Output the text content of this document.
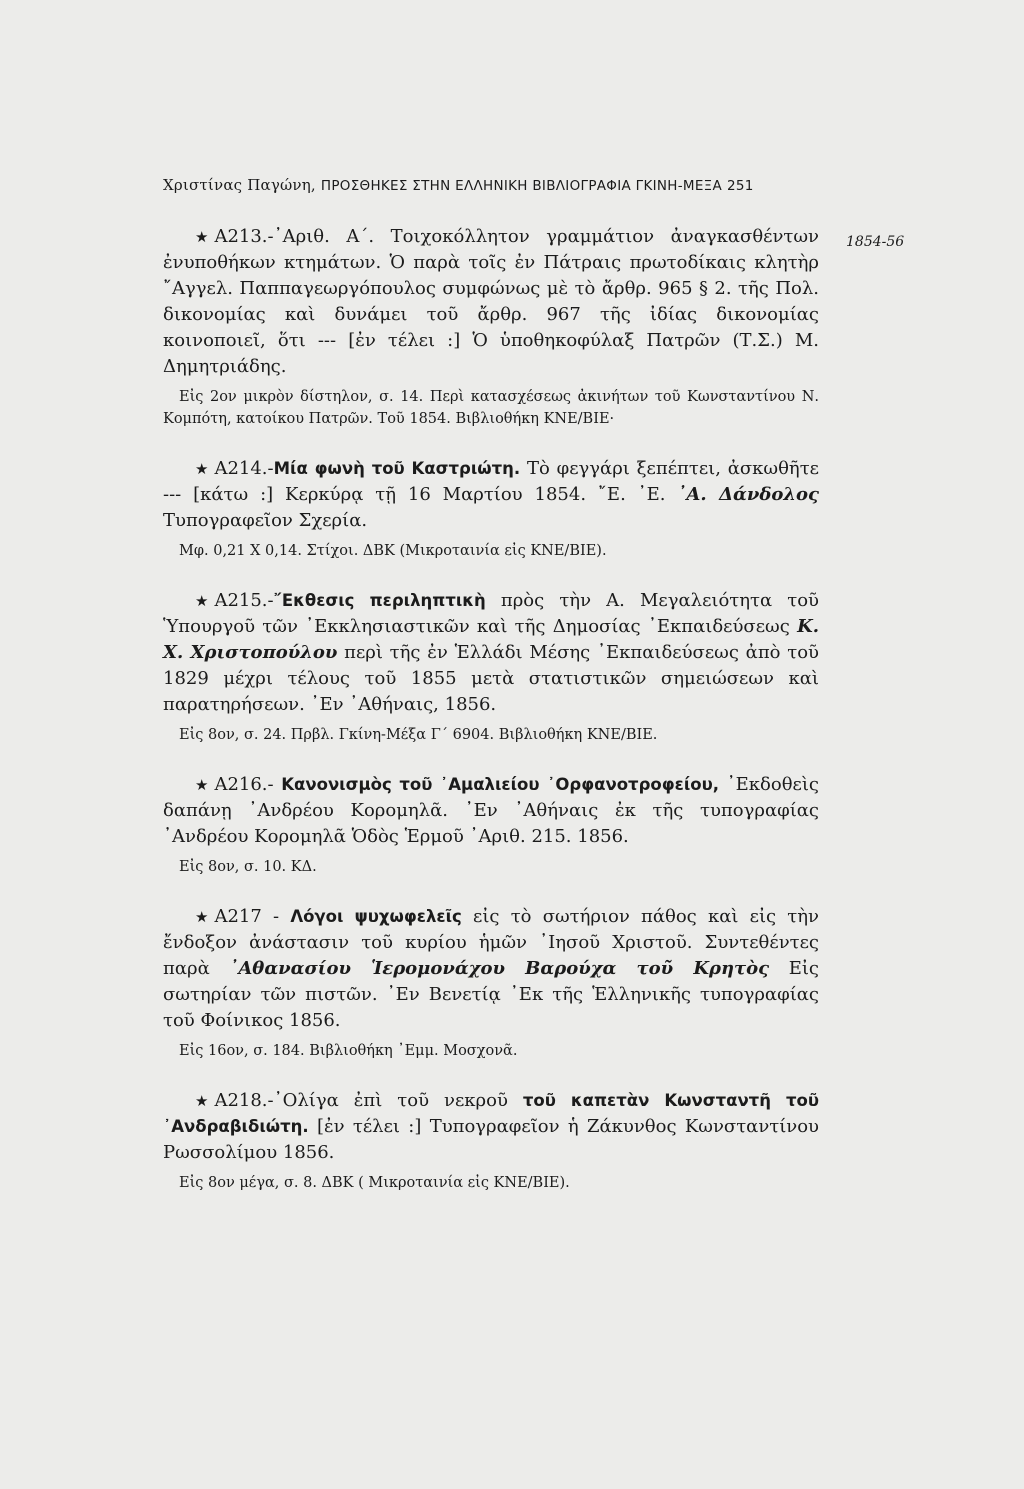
Χριστίνας Παγώνη, ΠΡΟΣΘΗΚΕΣ ΣΤΗΝ ΕΛΛΗΝΙΚΗ ΒΙΒΛΙΟΓΡΑΦΙΑ ΓΚΙΝΗ-ΜΕΞΑ 251
1854-56

★ A213.-᾿Αριθ. Α΄. Τοιχοκόλλητον γραμμάτιον ἀναγκασθέντων ἐνυποθήκων κτημάτων. Ὁ παρὰ τοῖς ἐν Πάτραις πρωτοδίκαις κλητὴρ ῎Αγγελ. Παππαγεωργόπουλος συμφώνως μὲ τὸ ἄρθρ. 965 § 2. τῆς Πολ. δικονομίας καὶ δυνάμει τοῦ ἄρθρ. 967 τῆς ἰδίας δικονομίας κοινοποιεῖ, ὅτι --- [ἐν τέλει :] Ὁ ὑποθηκοφύλαξ Πατρῶν (Τ.Σ.) Μ. Δημητριάδης.

Εἰς 2ον μικρὸν δίστηλον, σ. 14. Περὶ κατασχέσεως ἀκινήτων τοῦ Κωνσταντίνου Ν. Κομπότη, κατοίκου Πατρῶν. Τοῦ 1854. Βιβλιοθήκη ΚΝΕ/ΒΙΕ·

★ A214.-Μία φωνὴ τοῦ Καστριώτη. Τὸ φεγγάρι ξεπέπτει, ἀσκωθῆτε --- [κάτω :] Κερκύρᾳ τῇ 16 Μαρτίου 1854. ῎Ε. ᾿Ε. ᾿Α. Δάνδολος Τυπογραφεῖον Σχερία.

Μφ. 0,21 Χ 0,14. Στίχοι. ΔΒΚ (Μικροταινία εἰς ΚΝΕ/ΒΙΕ).

★ A215.-῎Εκθεσις περιληπτικὴ πρὸς τὴν Α. Μεγαλειότητα τοῦ Ὑπουργοῦ τῶν ᾿Εκκλησιαστικῶν καὶ τῆς Δημοσίας ᾿Εκπαιδεύσεως Κ. Χ. Χριστοπούλου περὶ τῆς ἐν Ἑλλάδι Μέσης ᾿Εκπαιδεύσεως ἀπὸ τοῦ 1829 μέχρι τέλους τοῦ 1855 μετὰ στατιστικῶν σημειώσεων καὶ παρατηρήσεων. ᾿Εν ᾿Αθήναις, 1856.

Εἰς 8ον, σ. 24. Πρβλ. Γκίνη-Μέξα Γ΄ 6904. Βιβλιοθήκη ΚΝΕ/ΒΙΕ.

★ A216.- Κανονισμὸς τοῦ ᾿Αμαλιείου ᾿Ορφανοτροφείου, ᾿Εκδοθεὶς δαπάνῃ ᾿Ανδρέου Κορομηλᾶ. ᾿Εν ᾿Αθήναις ἐκ τῆς τυπογραφίας ᾿Ανδρέου Κορομηλᾶ Ὁδὸς Ἑρμοῦ ᾿Αριθ. 215. 1856.

Εἰς 8ον, σ. 10. ΚΔ.

★ A217 - Λόγοι ψυχωφελεῖς εἰς τὸ σωτήριον πάθος καὶ εἰς τὴν ἔνδοξον ἀνάστασιν τοῦ κυρίου ἡμῶν ᾿Ιησοῦ Χριστοῦ. Συντεθέντες παρὰ ᾿Αθανασίου Ἱερομονάχου Βαρούχα τοῦ Κρητὸς Εἰς σωτηρίαν τῶν πιστῶν. ᾿Εν Βενετίᾳ ᾿Εκ τῆς Ἑλληνικῆς τυπογραφίας τοῦ Φοίνικος 1856.

Εἰς 16ον, σ. 184. Βιβλιοθήκη ᾿Εμμ. Μοσχονᾶ.

★ A218.-᾿Ολίγα ἐπὶ τοῦ νεκροῦ τοῦ καπετὰν Κωνσταντῆ τοῦ ᾿Ανδραβιδιώτη. [ἐν τέλει :] Τυπογραφεῖον ἡ Ζάκυνθος Κωνσταντίνου Ρωσσολίμου 1856.

Εἰς 8ον μέγα, σ. 8. ΔΒΚ ( Μικροταινία εἰς ΚΝΕ/ΒΙΕ).
